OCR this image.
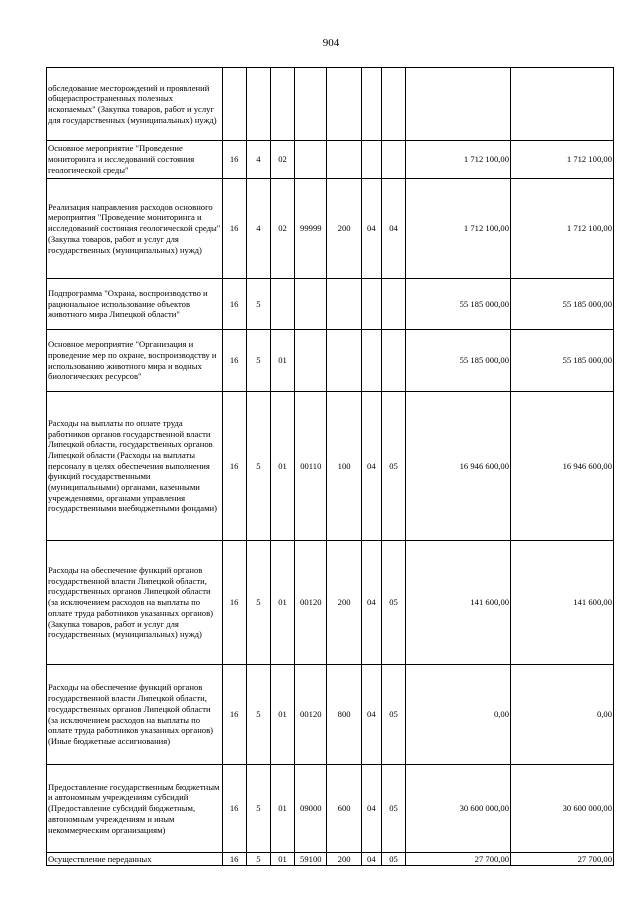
904
обследование месторождений и проявлений общераспространенных полезных ископаемых" (Закупка товаров, работ и услуг для государственных (муниципальных) нужд)									
Основное мероприятие "Проведение мониторинга и исследований состояния геологической среды"	16	4	02					1 712 100,00	1 712 100,00
Реализация направления расходов основного мероприятия "Проведение мониторинга и исследований состояния геологической среды" (Закупка товаров, работ и услуг для государственных (муниципальных) нужд)	16	4	02	99999	200	04	04	1 712 100,00	1 712 100,00
Подпрограмма "Охрана, воспроизводство и рациональное использование объектов животного мира Липецкой области"	16	5						55 185 000,00	55 185 000,00
Основное мероприятие "Организация и проведение мер по охране, воспроизводству и использованию животного мира и водных биологических ресурсов"	16	5	01					55 185 000,00	55 185 000,00
Расходы на выплаты по оплате труда работников органов государственной власти Липецкой области, государственных органов Липецкой области (Расходы на выплаты персоналу в целях обеспечения выполнения функций государственными (муниципальными) органами, казенными учреждениями, органами управления государственными внебюджетными фондами)	16	5	01	00110	100	04	05	16 946 600,00	16 946 600,00
Расходы на обеспечение функций органов государственной власти Липецкой области, государственных органов Липецкой области (за исключением расходов на выплаты по оплате труда работников указанных органов) (Закупка товаров, работ и услуг для государственных (муниципальных) нужд)	16	5	01	00120	200	04	05	141 600,00	141 600,00
Расходы на обеспечение функций органов государственной власти Липецкой области, государственных органов Липецкой области (за исключением расходов на выплаты по оплате труда работников указанных органов) (Иные бюджетные ассигнования)	16	5	01	00120	800	04	05	0,00	0,00
Предоставление государственным бюджетным и автономным учреждениям субсидий (Предоставление субсидий бюджетным, автономным учреждениям и иным некоммерческим организациям)	16	5	01	09000	600	04	05	30 600 000,00	30 600 000,00
Осуществление переданных	16	5	01	59100	200	04	05	27 700,00	27 700,00
